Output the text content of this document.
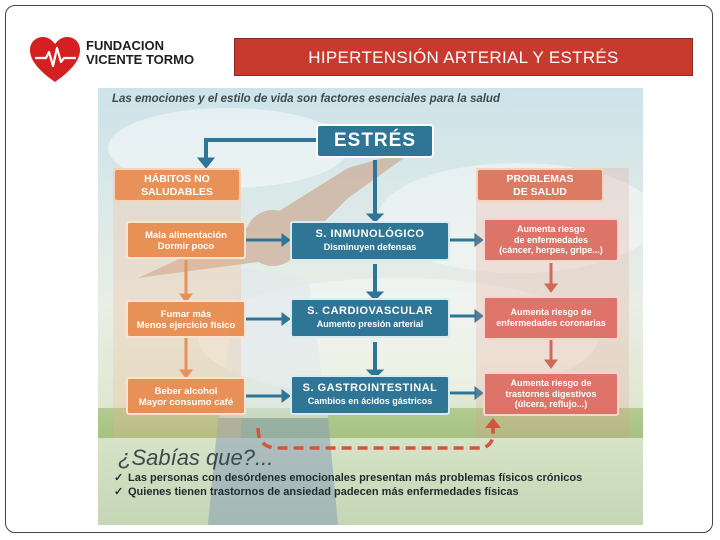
FUNDACION
VICENTE TORMO	HIPERTENSIÓN ARTERIAL Y ESTRÉS
Las emociones y el estilo de vida son factores esenciales para la salud
ESTRÉS
HÁBITOS NO
SALUDABLES
PROBLEMAS
DE SALUD
Mala alimentación
Dormir poco
Fumar más
Menos ejercicio físico
Beber alcohol
Mayor consumo café
S. INMUNOLÓGICO
Disminuyen defensas
S. CARDIOVASCULAR
Aumento presión arterial
S. GASTROINTESTINAL
Cambios en ácidos gástricos
Aumenta riesgo
de enfermedades
(cáncer, herpes, gripe...)
Aumenta riesgo de
enfermedades coronarias
Aumenta riesgo de
trastornes digestivos
(úlcera, reflujo...)
¿Sabías que?...
✓ Las personas con desórdenes emocionales presentan más problemas físicos crónicos
✓ Quienes tienen trastornos de ansiedad padecen más enfermedades físicas
